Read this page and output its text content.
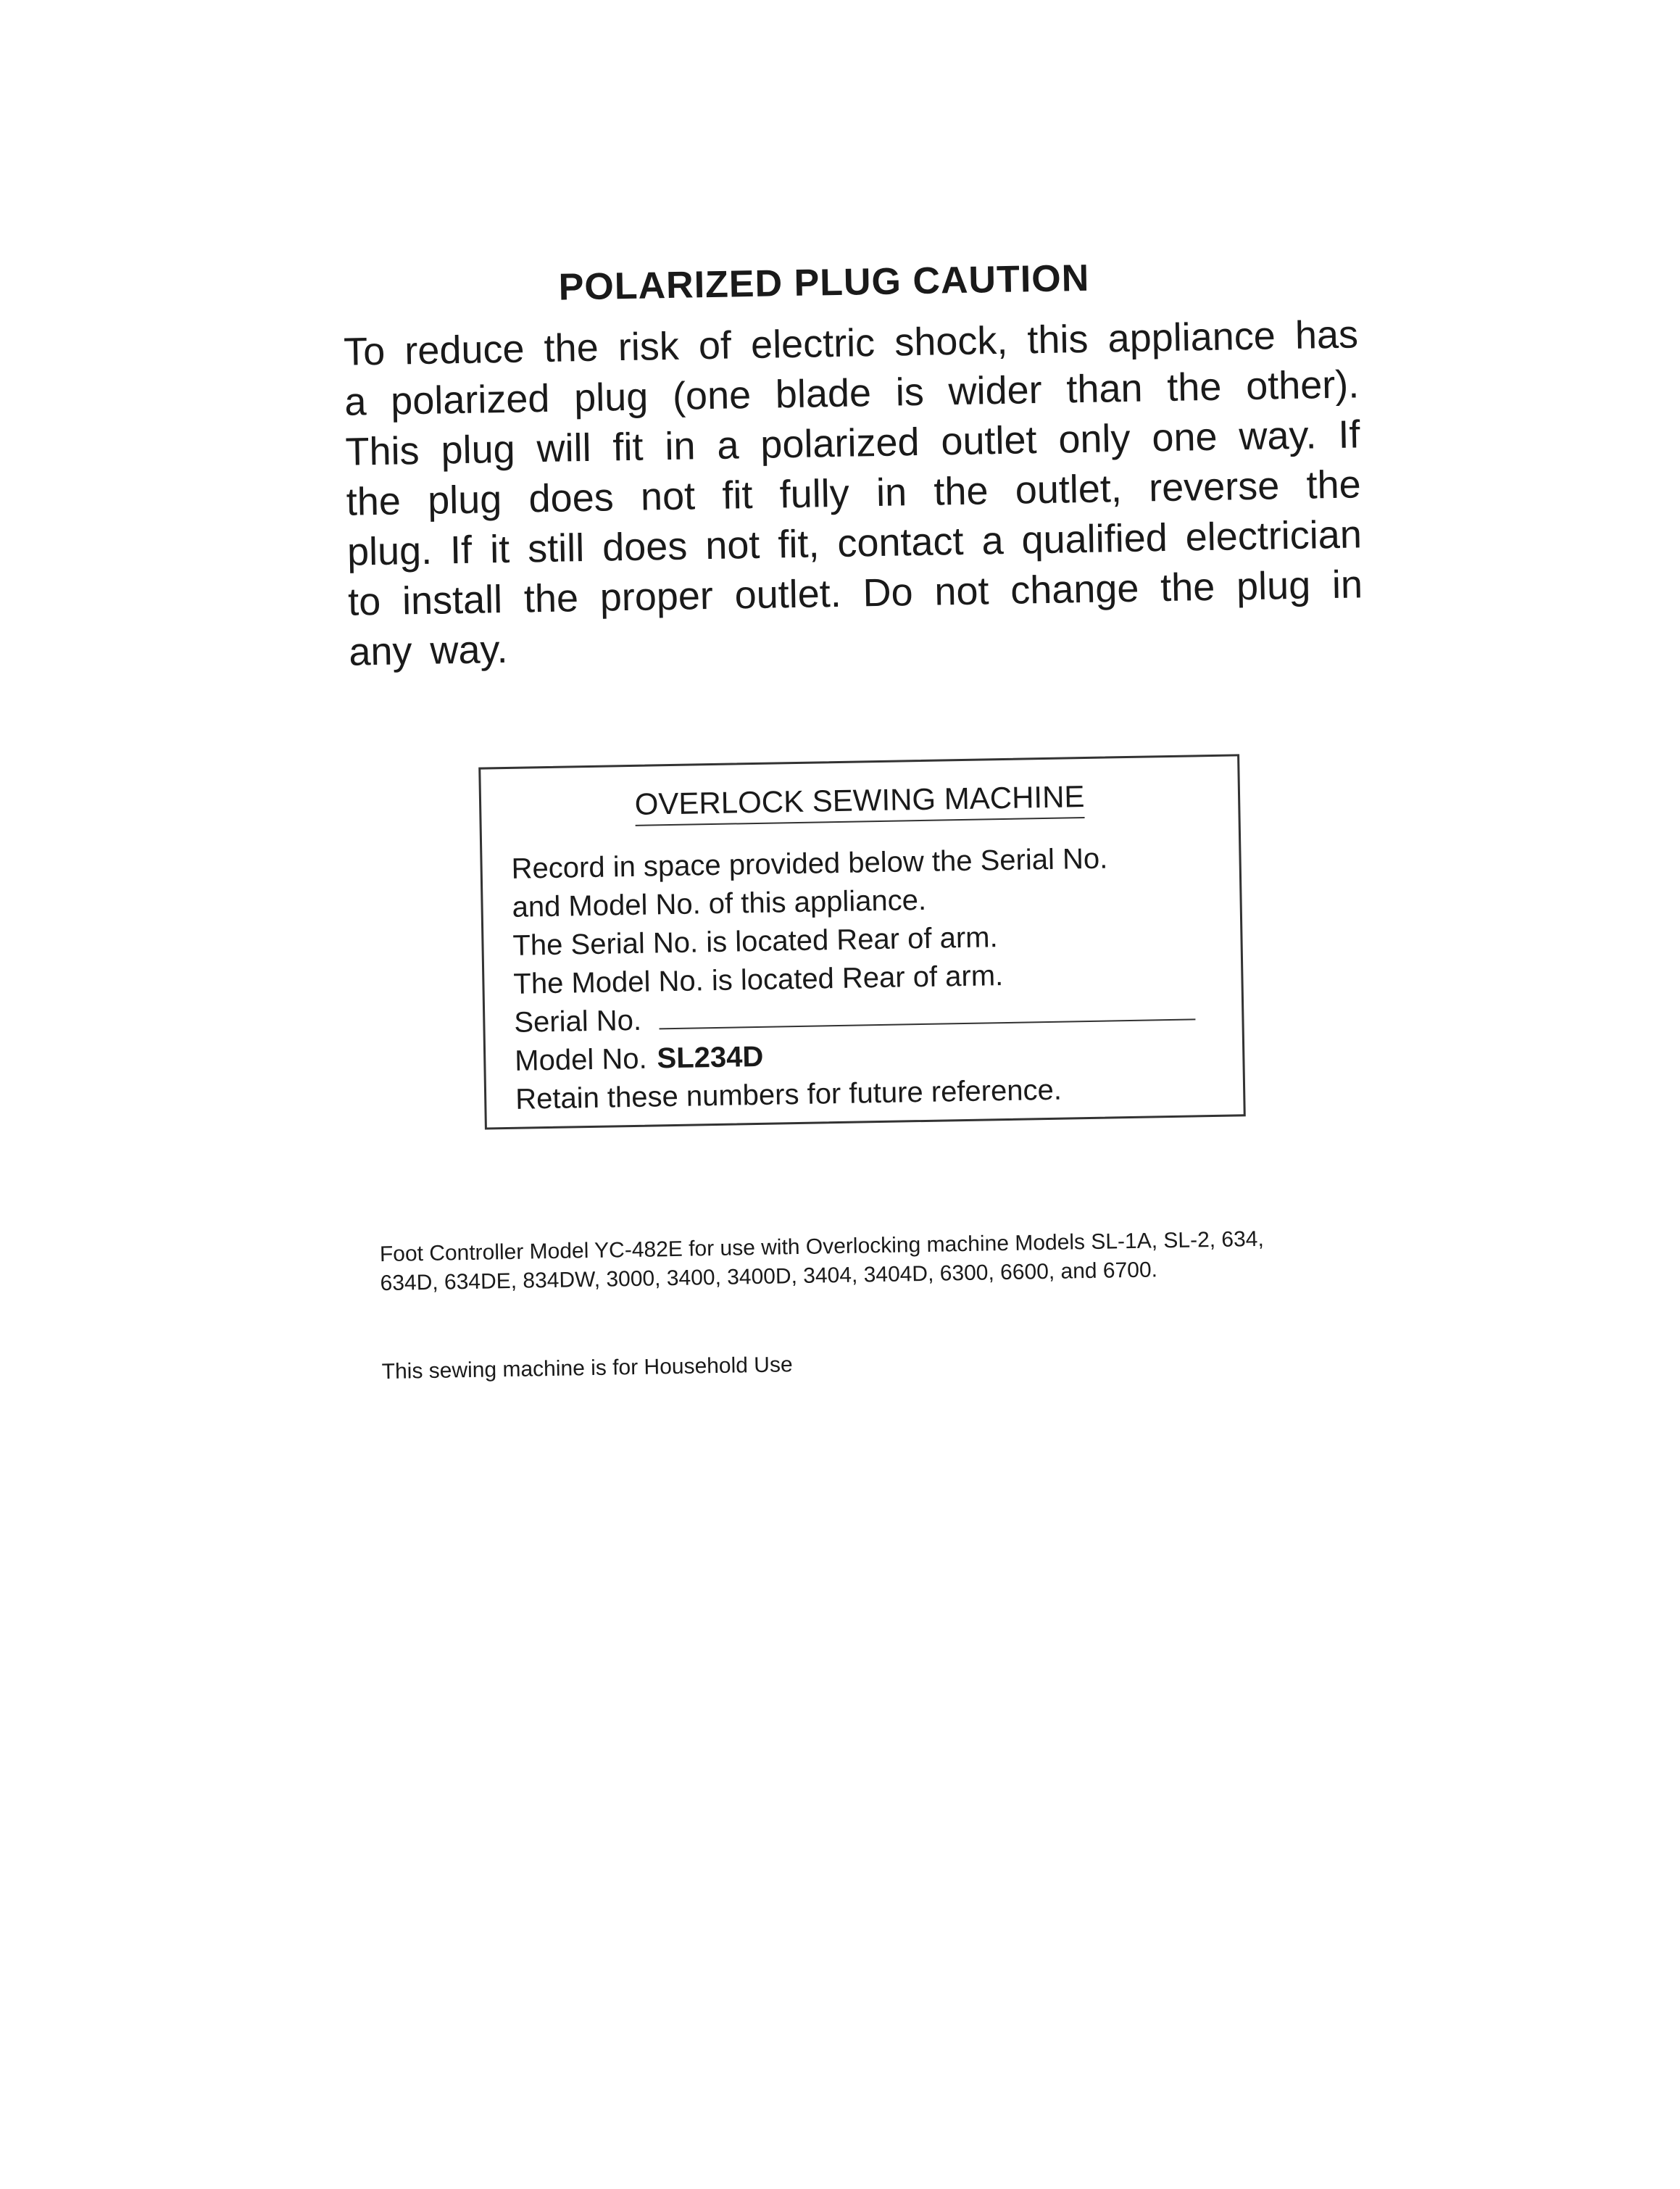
POLARIZED PLUG CAUTION
To reduce the risk of electric shock, this appliance has a polarized plug (one blade is wider than the other). This plug will fit in a polarized outlet only one way. If the plug does not fit fully in the outlet, reverse the plug. If it still does not fit, contact a qualified electrician to install the proper outlet. Do not change the plug in any way.
OVERLOCK SEWING MACHINE
Record in space provided below the Serial No.
and Model No. of this appliance.
The Serial No. is located Rear of arm.
The Model No. is located Rear of arm.
Serial No.
Model No. SL234D
Retain these numbers for future reference.
Foot Controller Model YC-482E for use with Overlocking machine Models SL-1A, SL-2, 634, 634D, 634DE, 834DW, 3000, 3400, 3400D, 3404, 3404D, 6300, 6600, and 6700.
This sewing machine is for Household Use
